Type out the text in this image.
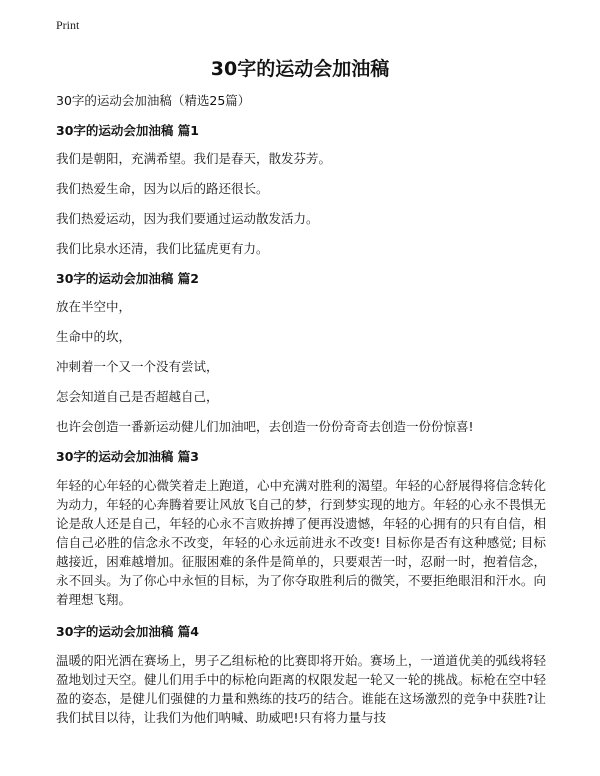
Print
30字的运动会加油稿

30字的运动会加油稿（精选25篇）

30字的运动会加油稿 篇1

我们是朝阳，充满希望。我们是春天，散发芬芳。

我们热爱生命，因为以后的路还很长。

我们热爱运动，因为我们要通过运动散发活力。

我们比泉水还清，我们比猛虎更有力。

30字的运动会加油稿 篇2

放在半空中，

生命中的坎，

冲刺着一个又一个没有尝试，

怎会知道自己是否超越自己，

也许会创造一番新运动健儿们加油吧，去创造一份份奇奇去创造一份份惊喜!

30字的运动会加油稿 篇3

年轻的心年轻的心微笑着走上跑道，心中充满对胜利的渴望。年轻的心舒展得将信念转化为动力，年轻的心奔腾着要让风放飞自己的梦，行到梦实现的地方。年轻的心永不畏惧无论是敌人还是自己，年轻的心永不言败拚搏了便再没遗憾，年轻的心拥有的只有自信，相信自己必胜的信念永不改变，年轻的心永远前进永不改变! 目标你是否有这种感觉; 目标越接近，困难越增加。征服困难的条件是简单的，只要艰苦一时，忍耐一时，抱着信念，永不回头。为了你心中永恒的目标，为了你夺取胜利后的微笑，不要拒绝眼泪和汗水。向着理想飞翔。

30字的运动会加油稿 篇4

温暖的阳光洒在赛场上，男子乙组标枪的比赛即将开始。赛场上，一道道优美的弧线将轻盈地划过天空。健儿们用手中的标枪向距离的权限发起一轮又一轮的挑战。标枪在空中轻盈的姿态，是健儿们强健的力量和熟练的技巧的结合。谁能在这场激烈的竞争中获胜?让我们拭目以待，让我们为他们呐喊、助威吧!只有将力量与技
